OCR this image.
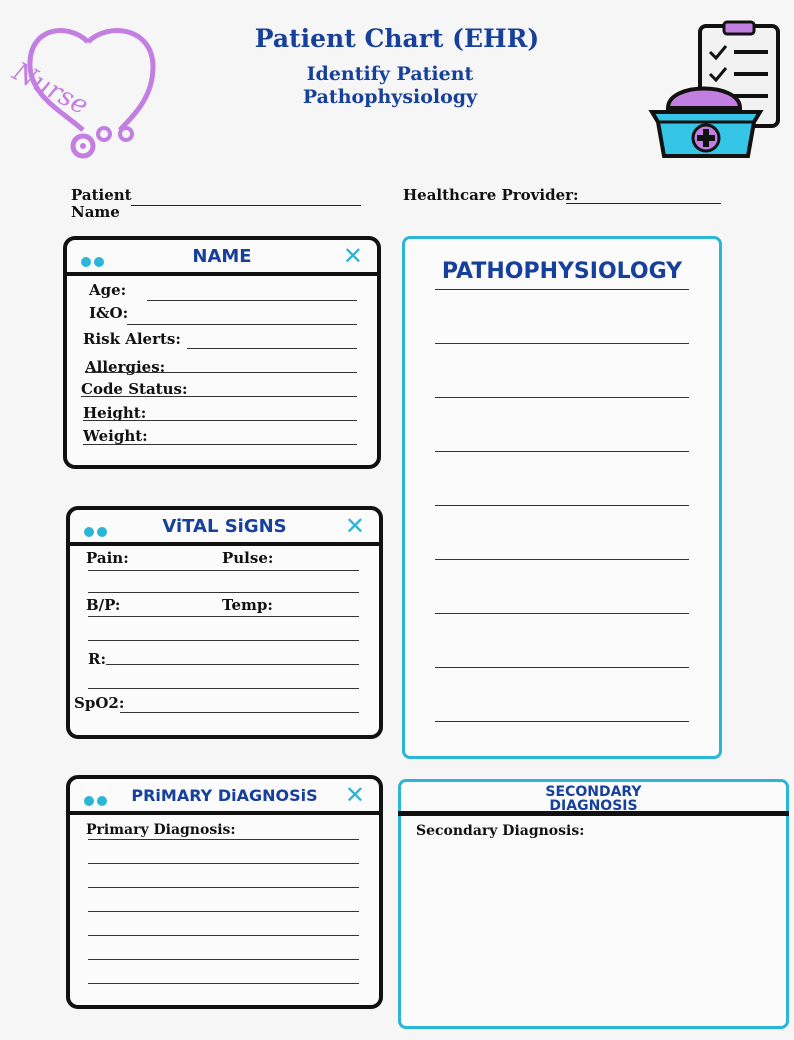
Nurse
Patient Chart (EHR)
Identify Patient
Pathophysiology
Patient
Name
Healthcare Provider:
NAME	✕
Age:
I&O:
Risk Alerts:
Allergies:
Code Status:
Height:
Weight:
ViTAL SiGNS	✕
Pain:	Pulse:
B/P:	Temp:
R:
SpO2:
PRiMARY DiAGNOSiS	✕
Primary Diagnosis:
PATHOPHYSIOLOGY
SECONDARY
DIAGNOSIS
Secondary Diagnosis:
